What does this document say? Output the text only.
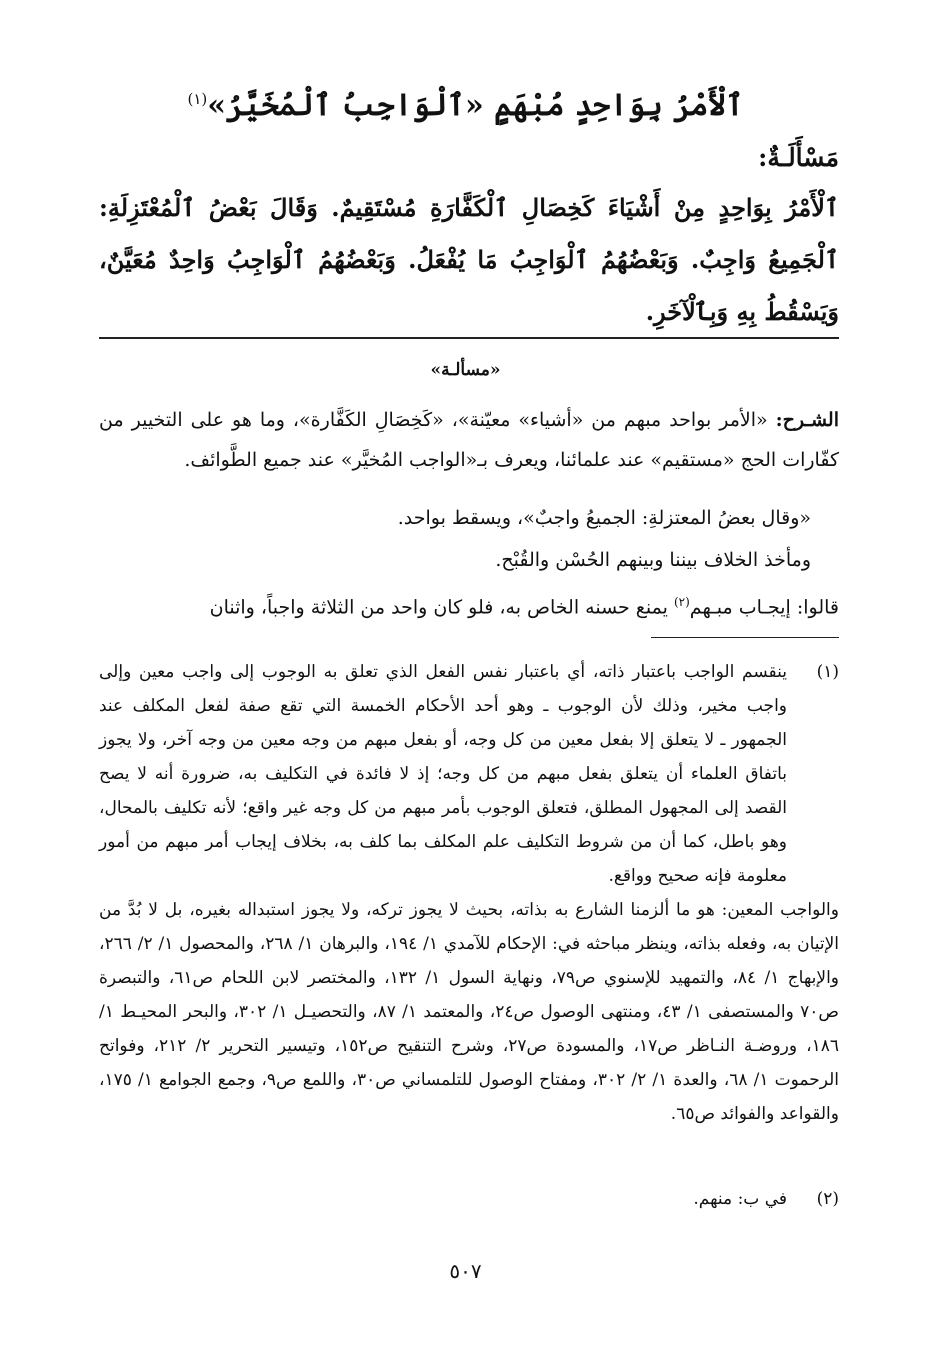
ٱلْأَمْرُ بِوَاحِدٍ مُبْهَمٍ «ٱلْوَاجِبُ ٱلْمُخَيَّرُ»$^{(١)}$
مَسْأَلَـةٌ:
ٱلْأَمْرُ بِوَاحِدٍ مِنْ أَشْيَاءَ كَخِصَالِ ٱلْكَفَّارَةِ مُسْتَقِيمٌ. وَقَالَ بَعْضُ ٱلْمُعْتَزِلَةِ: ٱلْجَمِيعُ وَاجِبٌ. وَبَعْضُهُمُ ٱلْوَاجِبُ مَا يُفْعَلُ. وَبَعْضُهُمُ ٱلْوَاجِبُ وَاحِدٌ مُعَيَّنٌ، وَيَسْقُطُ بِهِ وَبِٱلْآخَرِ.
«مسألـة»
الشـرح: «الأمر بواحد مبهم من «أشياء» معيّنة»، «كَخِصَالِ الكَفَّارة»، وما هو على التخيير من كفّارات الحج «مستقيم» عند علمائنا، ويعرف بـ«الواجب المُخيَّر» عند جميع الطَّوائف.

«وقال بعضُ المعتزلةِ: الجميعُ واجبٌ»، ويسقط بواحد.

ومأخذ الخلاف بيننا وبينهم الحُسْن والقُبْح.

قالوا: إيجـاب مبـهم$^{(٢)}$ يمنع حسنه الخاص به، فلو كان واحد من الثلاثة واجباً، واثنان

(١)

ينقسم الواجب باعتبار ذاته، أي باعتبار نفس الفعل الذي تعلق به الوجوب إلى واجب معين وإلى واجب مخير، وذلك لأن الوجوب ـ وهو أحد الأحكام الخمسة التي تقع صفة لفعل المكلف عند الجمهور ـ لا يتعلق إلا بفعل معين من كل وجه، أو بفعل مبهم من وجه معين من وجه آخر، ولا يجوز باتفاق العلماء أن يتعلق بفعل مبهم من كل وجه؛ إذ لا فائدة في التكليف به، ضرورة أنه لا يصح القصد إلى المجهول المطلق، فتعلق الوجوب بأمر مبهم من كل وجه غير واقع؛ لأنه تكليف بالمحال، وهو باطل، كما أن من شروط التكليف علم المكلف بما كلف به، بخلاف إيجاب أمر مبهم من أمور معلومة فإنه صحيح وواقع.

والواجب المعين: هو ما ألزمنا الشارع به بذاته، بحيث لا يجوز تركه، ولا يجوز استبداله بغيره، بل لا بُدَّ من الإتيان به، وفعله بذاته، وينظر مباحثه في: الإحكام للآمدي ١/ ١٩٤، والبرهان ١/ ٢٦٨، والمحصول ١/ ٢/ ٢٦٦، والإبهاج ١/ ٨٤، والتمهيد للإسنوي ص٧٩، ونهاية السول ١/ ١٣٢، والمختصر لابن اللحام ص٦١، والتبصرة ص٧٠ والمستصفى ١/ ٤٣، ومنتهى الوصول ص٢٤، والمعتمد ١/ ٨٧، والتحصيـل ١/ ٣٠٢، والبحر المحيـط ١/ ١٨٦، وروضـة النـاظر ص١٧، والمسودة ص٢٧، وشرح التنقيح ص١٥٢، وتيسير التحرير ٢/ ٢١٢، وفواتح الرحموت ١/ ٦٨، والعدة ١/ ٢/ ٣٠٢، ومفتاح الوصول للتلمساني ص٣٠، واللمع ص٩، وجمع الجوامع ١/ ١٧٥، والقواعد والفوائد ص٦٥.

(٢)

في ب: منهم.

٥٠٧
